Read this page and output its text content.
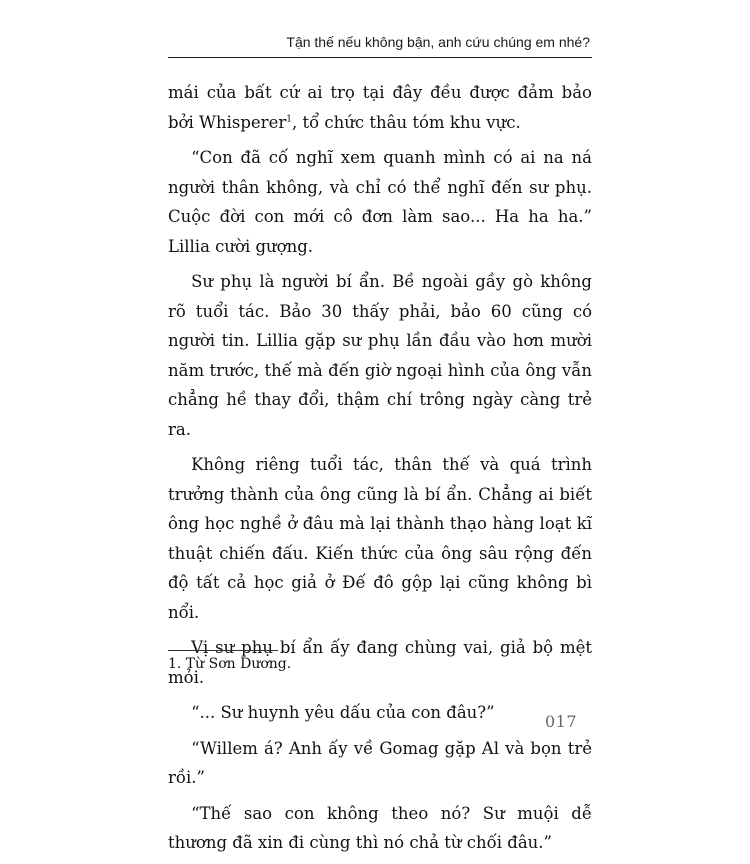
Tận thế nếu không bận, anh cứu chúng em nhé?

mái của bất cứ ai trọ tại đây đều được đảm bảo bởi Whisperer$^1$, tổ chức thâu tóm khu vực.

“Con đã cố nghĩ xem quanh mình có ai na ná người thân không, và chỉ có thể nghĩ đến sư phụ. Cuộc đời con mới cô đơn làm sao... Ha ha ha.” Lillia cười gượng.

Sư phụ là người bí ẩn. Bề ngoài gầy gò không rõ tuổi tác. Bảo 30 thấy phải, bảo 60 cũng có người tin. Lillia gặp sư phụ lần đầu vào hơn mười năm trước, thế mà đến giờ ngoại hình của ông vẫn chẳng hề thay đổi, thậm chí trông ngày càng trẻ ra.

Không riêng tuổi tác, thân thế và quá trình trưởng thành của ông cũng là bí ẩn. Chẳng ai biết ông học nghề ở đâu mà lại thành thạo hàng loạt kĩ thuật chiến đấu. Kiến thức của ông sâu rộng đến độ tất cả học giả ở Đế đô gộp lại cũng không bì nổi.

Vị sư phụ bí ẩn ấy đang chùng vai, giả bộ mệt mỏi.

“... Sư huynh yêu dấu của con đâu?”

“Willem á? Anh ấy về Gomag gặp Al và bọn trẻ rồi.”

“Thế sao con không theo nó? Sư muội dễ thương đã xin đi cùng thì nó chả từ chối đâu.”

1. Từ Sơn Dương.
017
